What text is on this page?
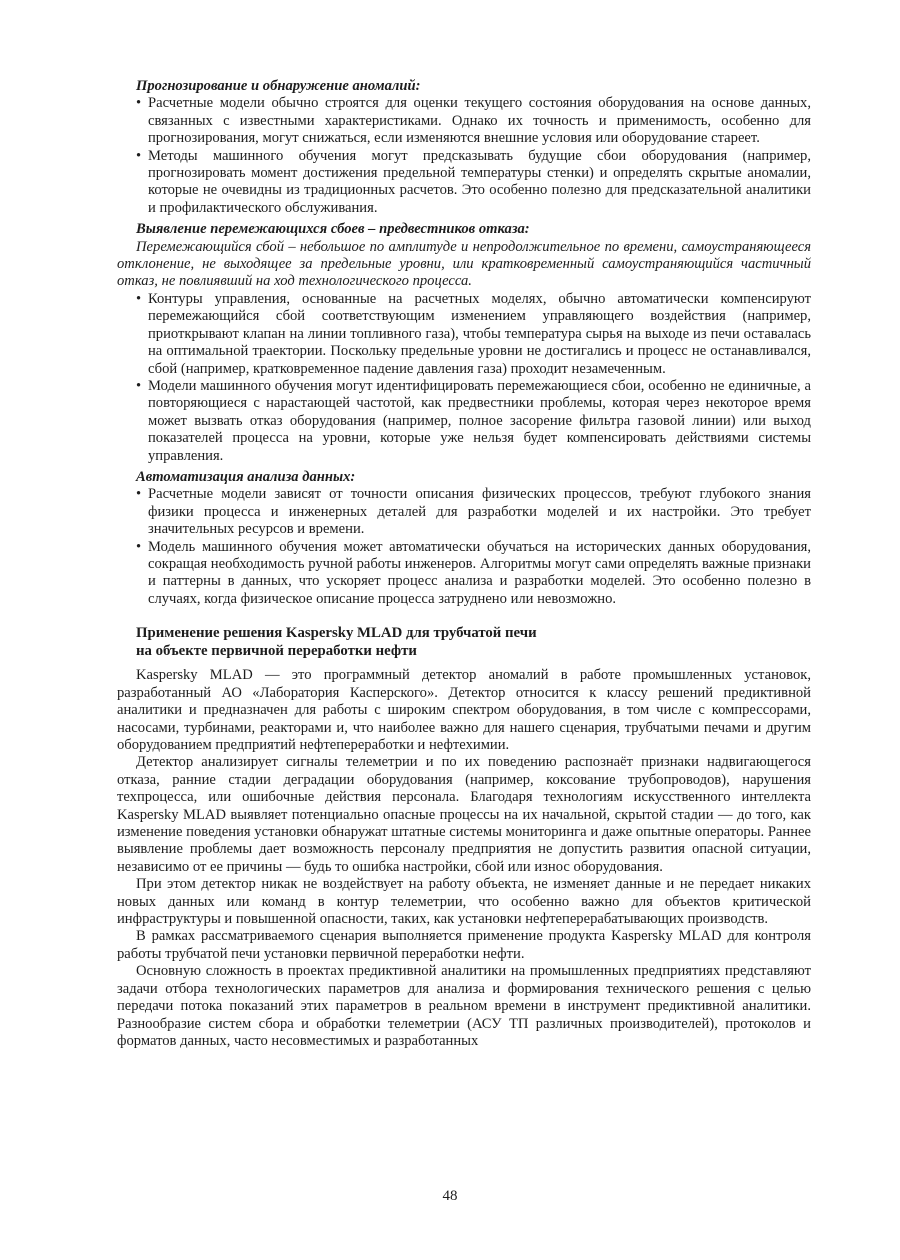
Прогнозирование и обнаружение аномалий:
• Расчетные модели обычно строятся для оценки текущего состояния оборудования на основе данных, связанных с известными характеристиками. Однако их точность и применимость, особенно для прогнозирования, могут снижаться, если изменяются внешние условия или оборудование стареет.
• Методы машинного обучения могут предсказывать будущие сбои оборудования (например, прогнозировать момент достижения предельной температуры стенки) и определять скрытые аномалии, которые не очевидны из традиционных расчетов. Это особенно полезно для предсказательной аналитики и профилактического обслуживания.
Выявление перемежающихся сбоев – предвестников отказа:

Перемежающийся сбой – небольшое по амплитуде и непродолжительное по времени, самоустраняющееся отклонение, не выходящее за предельные уровни, или кратковременный самоустраняющийся частичный отказ, не повлиявший на ход технологического процесса.

• Контуры управления, основанные на расчетных моделях, обычно автоматически компенсируют перемежающийся сбой соответствующим изменением управляющего воздействия (например, приоткрывают клапан на линии топливного газа), чтобы температура сырья на выходе из печи оставалась на оптимальной траектории. Поскольку предельные уровни не достигались и процесс не останавливался, сбой (например, кратковременное падение давления газа) проходит незамеченным.
• Модели машинного обучения могут идентифицировать перемежающиеся сбои, особенно не единичные, а повторяющиеся с нарастающей частотой, как предвестники проблемы, которая через некоторое время может вызвать отказ оборудования (например, полное засорение фильтра газовой линии) или выход показателей процесса на уровни, которые уже нельзя будет компенсировать действиями системы управления.
Автоматизация анализа данных:
• Расчетные модели зависят от точности описания физических процессов, требуют глубокого знания физики процесса и инженерных деталей для разработки моделей и их настройки. Это требует значительных ресурсов и времени.
• Модель машинного обучения может автоматически обучаться на исторических данных оборудования, сокращая необходимость ручной работы инженеров. Алгоритмы могут сами определять важные признаки и паттерны в данных, что ускоряет процесс анализа и разработки моделей. Это особенно полезно в случаях, когда физическое описание процесса затруднено или невозможно.
Применение решения Kaspersky MLAD для трубчатой печи
на объекте первичной переработки нефти

Kaspersky MLAD — это программный детектор аномалий в работе промышленных установок, разработанный АО «Лаборатория Касперского». Детектор относится к классу решений предиктивной аналитики и предназначен для работы с широким спектром оборудования, в том числе с компрессорами, насосами, турбинами, реакторами и, что наиболее важно для нашего сценария, трубчатыми печами и другим оборудованием предприятий нефтепереработки и нефтехимии.

Детектор анализирует сигналы телеметрии и по их поведению распознаёт признаки надвигающегося отказа, ранние стадии деградации оборудования (например, коксование трубопроводов), нарушения техпроцесса, или ошибочные действия персонала. Благодаря технологиям искусственного интеллекта Kaspersky MLAD выявляет потенциально опасные процессы на их начальной, скрытой стадии — до того, как изменение поведения установки обнаружат штатные системы мониторинга и даже опытные операторы. Раннее выявление проблемы дает возможность персоналу предприятия не допустить развития опасной ситуации, независимо от ее причины — будь то ошибка настройки, сбой или износ оборудования.

При этом детектор никак не воздействует на работу объекта, не изменяет данные и не передает никаких новых данных или команд в контур телеметрии, что особенно важно для объектов критической инфраструктуры и повышенной опасности, таких, как установки нефтеперерабатывающих производств.

В рамках рассматриваемого сценария выполняется применение продукта Kaspersky MLAD для контроля работы трубчатой печи установки первичной переработки нефти.

Основную сложность в проектах предиктивной аналитики на промышленных предприятиях представляют задачи отбора технологических параметров для анализа и формирования технического решения с целью передачи потока показаний этих параметров в реальном времени в инструмент предиктивной аналитики. Разнообразие систем сбора и обработки телеметрии (АСУ ТП различных производителей), протоколов и форматов данных, часто несовместимых и разработанных

48
